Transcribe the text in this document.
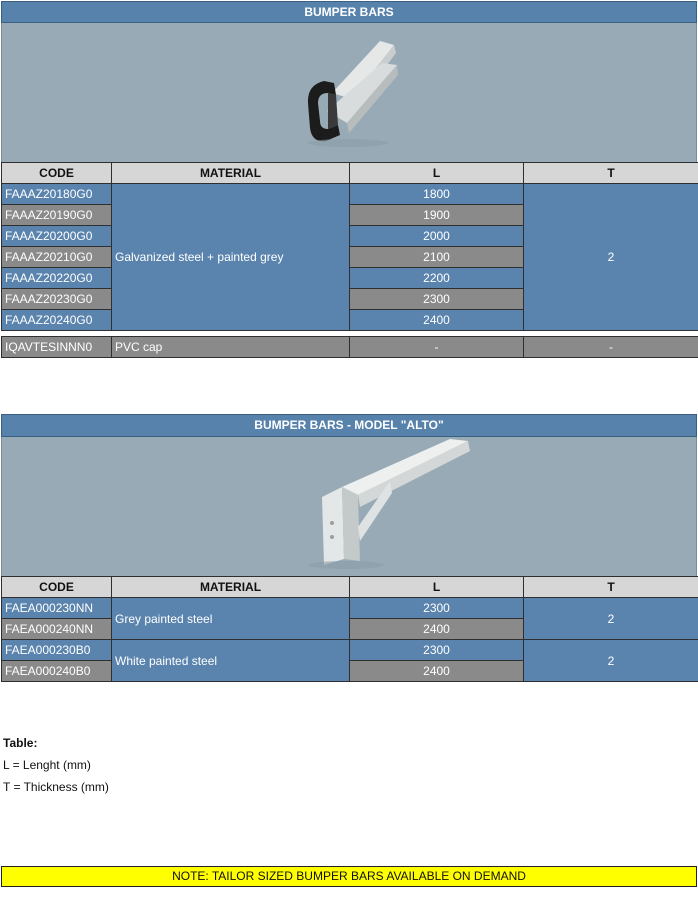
BUMPER BARS
CODE	MATERIAL	L	T
FAAAZ20180G0	Galvanized steel + painted grey	1800	2
FAAAZ20190G0		1900	
FAAAZ20200G0		2000	
FAAAZ20210G0		2100	
FAAAZ20220G0		2200	
FAAAZ20230G0		2300	
FAAAZ20240G0		2400	

IQAVTESINNN0	PVC cap	-	-
BUMPER BARS - MODEL "ALTO"
CODE	MATERIAL	L	T
FAEA000230NN	Grey painted steel	2300	2
FAEA000240NN		2400	
FAEA000230B0	White painted steel	2300	2
FAEA000240B0		2400	
Table:
L = Lenght (mm)
T = Thickness (mm)
NOTE: TAILOR SIZED BUMPER BARS AVAILABLE ON DEMAND
